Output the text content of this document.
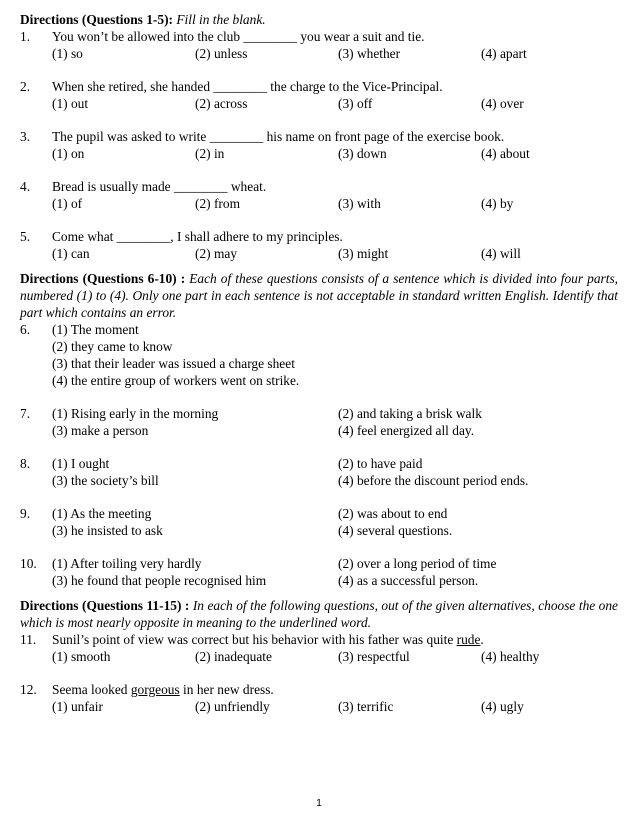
Directions (Questions 1-5): Fill in the blank.

1. You won’t be allowed into the club ________ you wear a suit and tie.
(1) so	(2) unless	(3) whether	(4) apart
2. When she retired, she handed ________ the charge to the Vice-Principal.
(1) out	(2) across	(3) off	(4) over
3. The pupil was asked to write ________ his name on front page of the exercise book.
(1) on	(2) in	(3) down	(4) about
4. Bread is usually made ________ wheat.
(1) of	(2) from	(3) with	(4) by
5. Come what ________, I shall adhere to my principles.
(1) can	(2) may	(3) might	(4) will

Directions (Questions 6-10) : Each of these questions consists of a sentence which is divided into four parts, numbered (1) to (4). Only one part in each sentence is not acceptable in standard written English. Identify that part which contains an error.

6. (1) The moment
(2) they came to know
(3) that their leader was issued a charge sheet
(4) the entire group of workers went on strike.
7. (1) Rising early in the morning	(2) and taking a brisk walk
(3) make a person	(4) feel energized all day.
8. (1) I ought	(2) to have paid
(3) the society’s bill	(4) before the discount period ends.
9. (1) As the meeting	(2) was about to end
(3) he insisted to ask	(4) several questions.
10. (1) After toiling very hardly	(2) over a long period of time
(3) he found that people recognised him	(4) as a successful person.

Directions (Questions 11-15) : In each of the following questions, out of the given alternatives, choose the one which is most nearly opposite in meaning to the underlined word.

11. Sunil’s point of view was correct but his behavior with his father was quite rude.
(1) smooth	(2) inadequate	(3) respectful	(4) healthy
12. Seema looked gorgeous in her new dress.
(1) unfair	(2) unfriendly	(3) terrific	(4) ugly
1
